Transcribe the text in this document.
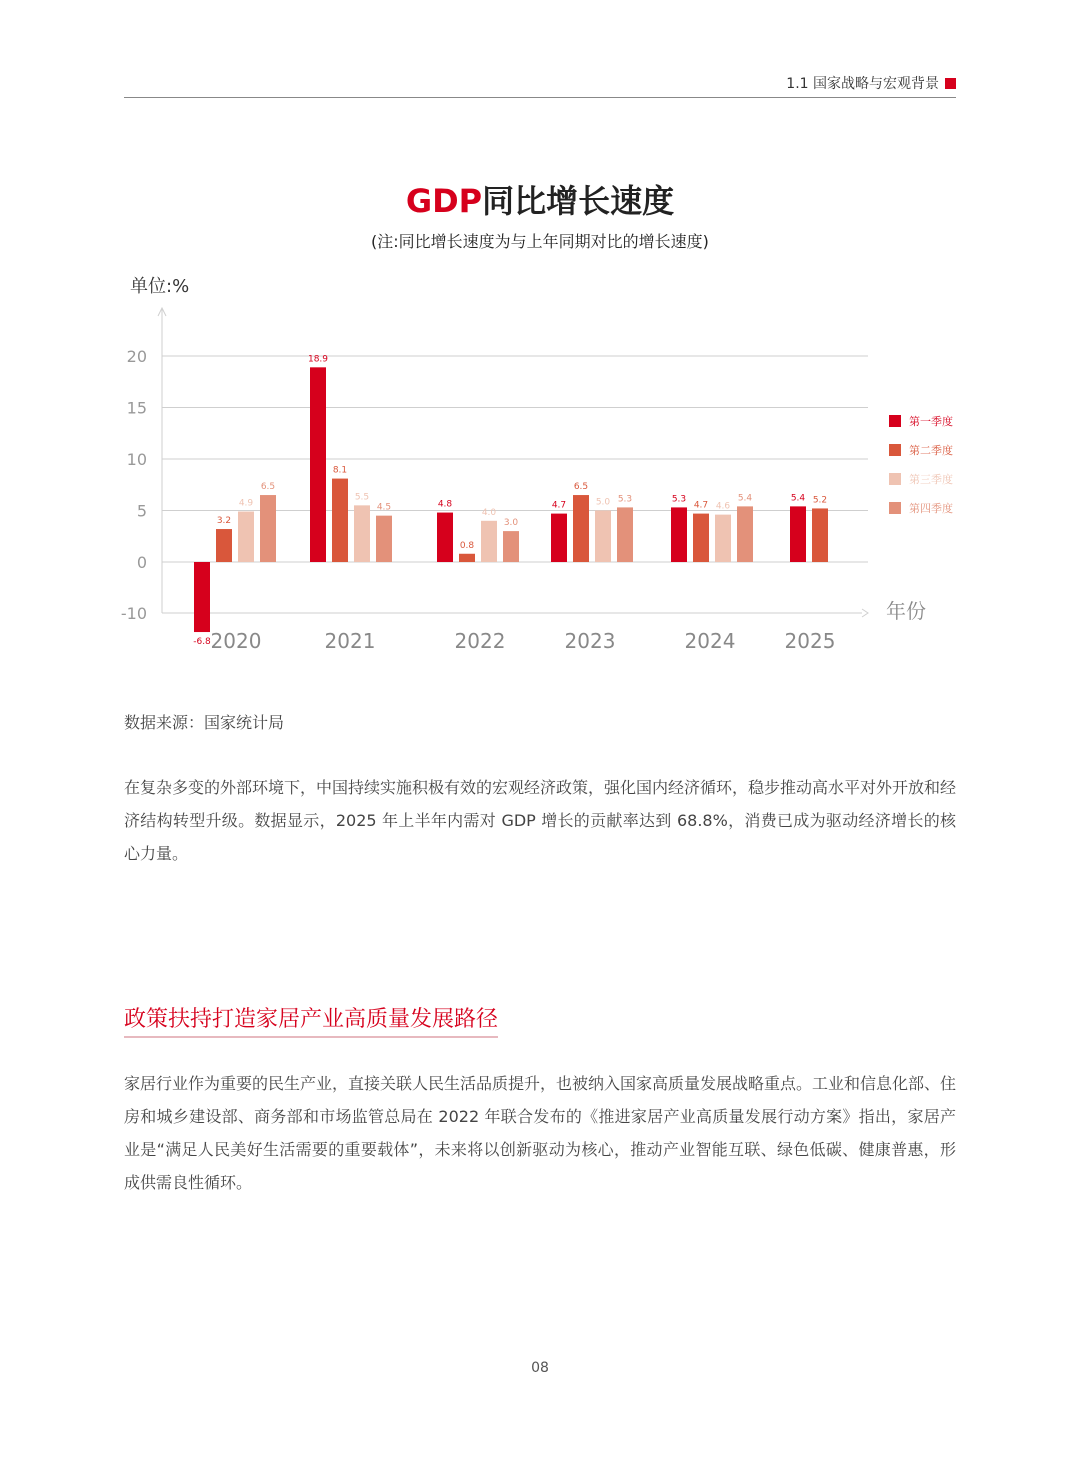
1.1 国家战略与宏观背景
GDP同比增长速度
(注:同比增长速度为与上年同期对比的增长速度)
单位:%
20
15
10
5
0
-10	年份
-6.8
18.9
4.8	4.7
5.3	5.4
3.2
8.1
0.8
6.5
4.7
5.2
4.9
5.5
4.0
5.0	4.6
6.5
4.5
3.0
5.3	5.4
2020	2021	2022	2023	2024 2025
第一季度
第二季度
第三季度
第四季度
数据来源：国家统计局
在复杂多变的外部环境下，中国持续实施积极有效的宏观经济政策，强化国内经济循环，稳步推动高水平对外开放和经济结构转型升级。数据显示，2025 年上半年内需对 GDP 增长的贡献率达到 68.8%，消费已成为驱动经济增长的核心力量。
政策扶持打造家居产业高质量发展路径
家居行业作为重要的民生产业，直接关联人民生活品质提升，也被纳入国家高质量发展战略重点。工业和信息化部、住房和城乡建设部、商务部和市场监管总局在 2022 年联合发布的《推进家居产业高质量发展行动方案》指出，家居产业是“满足人民美好生活需要的重要载体”，未来将以创新驱动为核心，推动产业智能互联、绿色低碳、健康普惠，形成供需良性循环。
08
